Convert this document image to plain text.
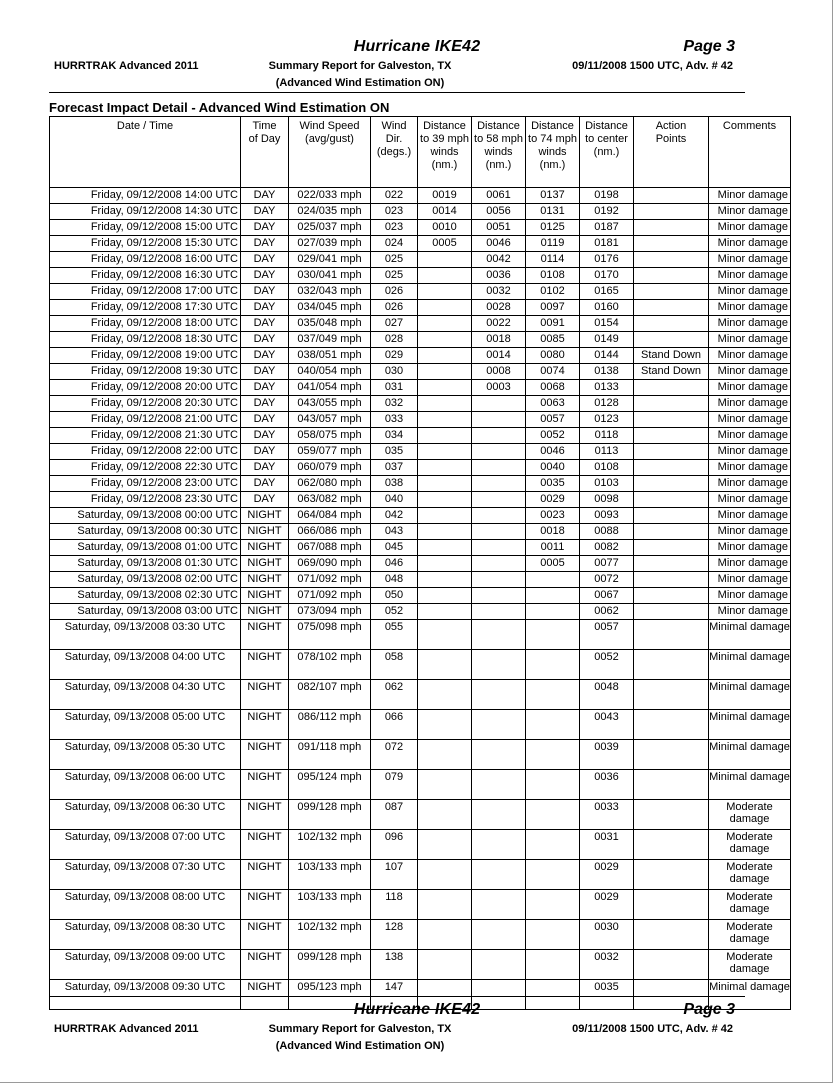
Hurricane IKE42	Page 3
HURRTRAK Advanced 2011	Summary Report for Galveston, TX
(Advanced Wind Estimation ON)
09/11/2008 1500 UTC, Adv. # 42
Forecast Impact Detail - Advanced Wind Estimation ON
Date / Time	Time of Day	Wind Speed (avg/gust)	Wind Dir. (degs.)	Distance to 39 mph winds (nm.)	Distance to 58 mph winds (nm.)	Distance to 74 mph winds (nm.)	Distance to center (nm.)	Action Points	Comments
Friday, 09/12/2008 14:00 UTC	DAY	022/033 mph	022	0019	0061	0137	0198		Minor damage
Friday, 09/12/2008 14:30 UTC	DAY	024/035 mph	023	0014	0056	0131	0192		Minor damage
Friday, 09/12/2008 15:00 UTC	DAY	025/037 mph	023	0010	0051	0125	0187		Minor damage
Friday, 09/12/2008 15:30 UTC	DAY	027/039 mph	024	0005	0046	0119	0181		Minor damage
Friday, 09/12/2008 16:00 UTC	DAY	029/041 mph	025		0042	0114	0176		Minor damage
Friday, 09/12/2008 16:30 UTC	DAY	030/041 mph	025		0036	0108	0170		Minor damage
Friday, 09/12/2008 17:00 UTC	DAY	032/043 mph	026		0032	0102	0165		Minor damage
Friday, 09/12/2008 17:30 UTC	DAY	034/045 mph	026		0028	0097	0160		Minor damage
Friday, 09/12/2008 18:00 UTC	DAY	035/048 mph	027		0022	0091	0154		Minor damage
Friday, 09/12/2008 18:30 UTC	DAY	037/049 mph	028		0018	0085	0149		Minor damage
Friday, 09/12/2008 19:00 UTC	DAY	038/051 mph	029		0014	0080	0144	Stand Down	Minor damage
Friday, 09/12/2008 19:30 UTC	DAY	040/054 mph	030		0008	0074	0138	Stand Down	Minor damage
Friday, 09/12/2008 20:00 UTC	DAY	041/054 mph	031		0003	0068	0133		Minor damage
Friday, 09/12/2008 20:30 UTC	DAY	043/055 mph	032			0063	0128		Minor damage
Friday, 09/12/2008 21:00 UTC	DAY	043/057 mph	033			0057	0123		Minor damage
Friday, 09/12/2008 21:30 UTC	DAY	058/075 mph	034			0052	0118		Minor damage
Friday, 09/12/2008 22:00 UTC	DAY	059/077 mph	035			0046	0113		Minor damage
Friday, 09/12/2008 22:30 UTC	DAY	060/079 mph	037			0040	0108		Minor damage
Friday, 09/12/2008 23:00 UTC	DAY	062/080 mph	038			0035	0103		Minor damage
Friday, 09/12/2008 23:30 UTC	DAY	063/082 mph	040			0029	0098		Minor damage
Saturday, 09/13/2008 00:00 UTC	NIGHT	064/084 mph	042			0023	0093		Minor damage
Saturday, 09/13/2008 00:30 UTC	NIGHT	066/086 mph	043			0018	0088		Minor damage
Saturday, 09/13/2008 01:00 UTC	NIGHT	067/088 mph	045			0011	0082		Minor damage
Saturday, 09/13/2008 01:30 UTC	NIGHT	069/090 mph	046			0005	0077		Minor damage
Saturday, 09/13/2008 02:00 UTC	NIGHT	071/092 mph	048				0072		Minor damage
Saturday, 09/13/2008 02:30 UTC	NIGHT	071/092 mph	050				0067		Minor damage
Saturday, 09/13/2008 03:00 UTC	NIGHT	073/094 mph	052				0062		Minor damage
Saturday, 09/13/2008 03:30 UTC	NIGHT	075/098 mph	055				0057		Minimal damage
Saturday, 09/13/2008 04:00 UTC	NIGHT	078/102 mph	058				0052		Minimal damage
Saturday, 09/13/2008 04:30 UTC	NIGHT	082/107 mph	062				0048		Minimal damage
Saturday, 09/13/2008 05:00 UTC	NIGHT	086/112 mph	066				0043		Minimal damage
Saturday, 09/13/2008 05:30 UTC	NIGHT	091/118 mph	072				0039		Minimal damage
Saturday, 09/13/2008 06:00 UTC	NIGHT	095/124 mph	079				0036		Minimal damage
Saturday, 09/13/2008 06:30 UTC	NIGHT	099/128 mph	087				0033		Moderate damage
Saturday, 09/13/2008 07:00 UTC	NIGHT	102/132 mph	096				0031		Moderate damage
Saturday, 09/13/2008 07:30 UTC	NIGHT	103/133 mph	107				0029		Moderate damage
Saturday, 09/13/2008 08:00 UTC	NIGHT	103/133 mph	118				0029		Moderate damage
Saturday, 09/13/2008 08:30 UTC	NIGHT	102/132 mph	128				0030		Moderate damage
Saturday, 09/13/2008 09:00 UTC	NIGHT	099/128 mph	138				0032		Moderate damage
Saturday, 09/13/2008 09:30 UTC	NIGHT	095/123 mph	147				0035		Minimal damage
Hurricane IKE42	Page 3
HURRTRAK Advanced 2011	Summary Report for Galveston, TX
(Advanced Wind Estimation ON)
09/11/2008 1500 UTC, Adv. # 42
